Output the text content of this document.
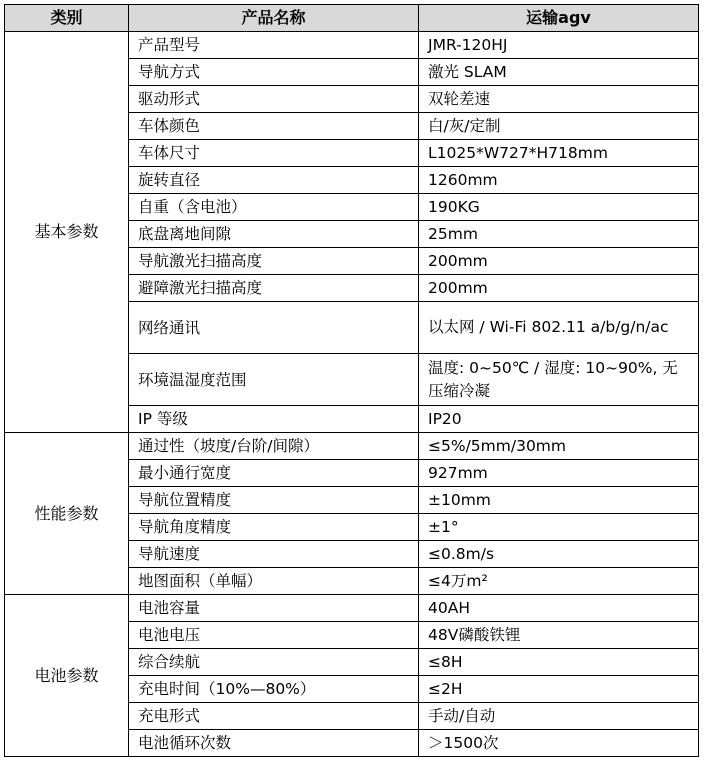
类别	产品名称	运输agv
基本参数	产品型号	JMR-120HJ
	导航方式	激光 SLAM
	驱动形式	双轮差速
	车体颜色	白/灰/定制
	车体尺寸	L1025*W727*H718mm
	旋转直径	1260mm
	自重（含电池）	190KG
	底盘离地间隙	25mm
	导航激光扫描高度	200mm
	避障激光扫描高度	200mm
	网络通讯	以太网 / Wi-Fi 802.11 a/b/g/n/ac
	环境温湿度范围	温度: 0~50℃ / 湿度: 10~90%, 无压缩冷凝
	IP 等级	IP20
性能参数	通过性（坡度/台阶/间隙）	≤5%/5mm/30mm
	最小通行宽度	927mm
	导航位置精度	±10mm
	导航角度精度	±1°
	导航速度	≤0.8m/s
	地图面积（单幅）	≤4万m²
电池参数	电池容量	40AH
	电池电压	48V磷酸铁锂
	综合续航	≤8H
	充电时间（10%—80%）	≤2H
	充电形式	手动/自动
	电池循环次数	＞1500次
